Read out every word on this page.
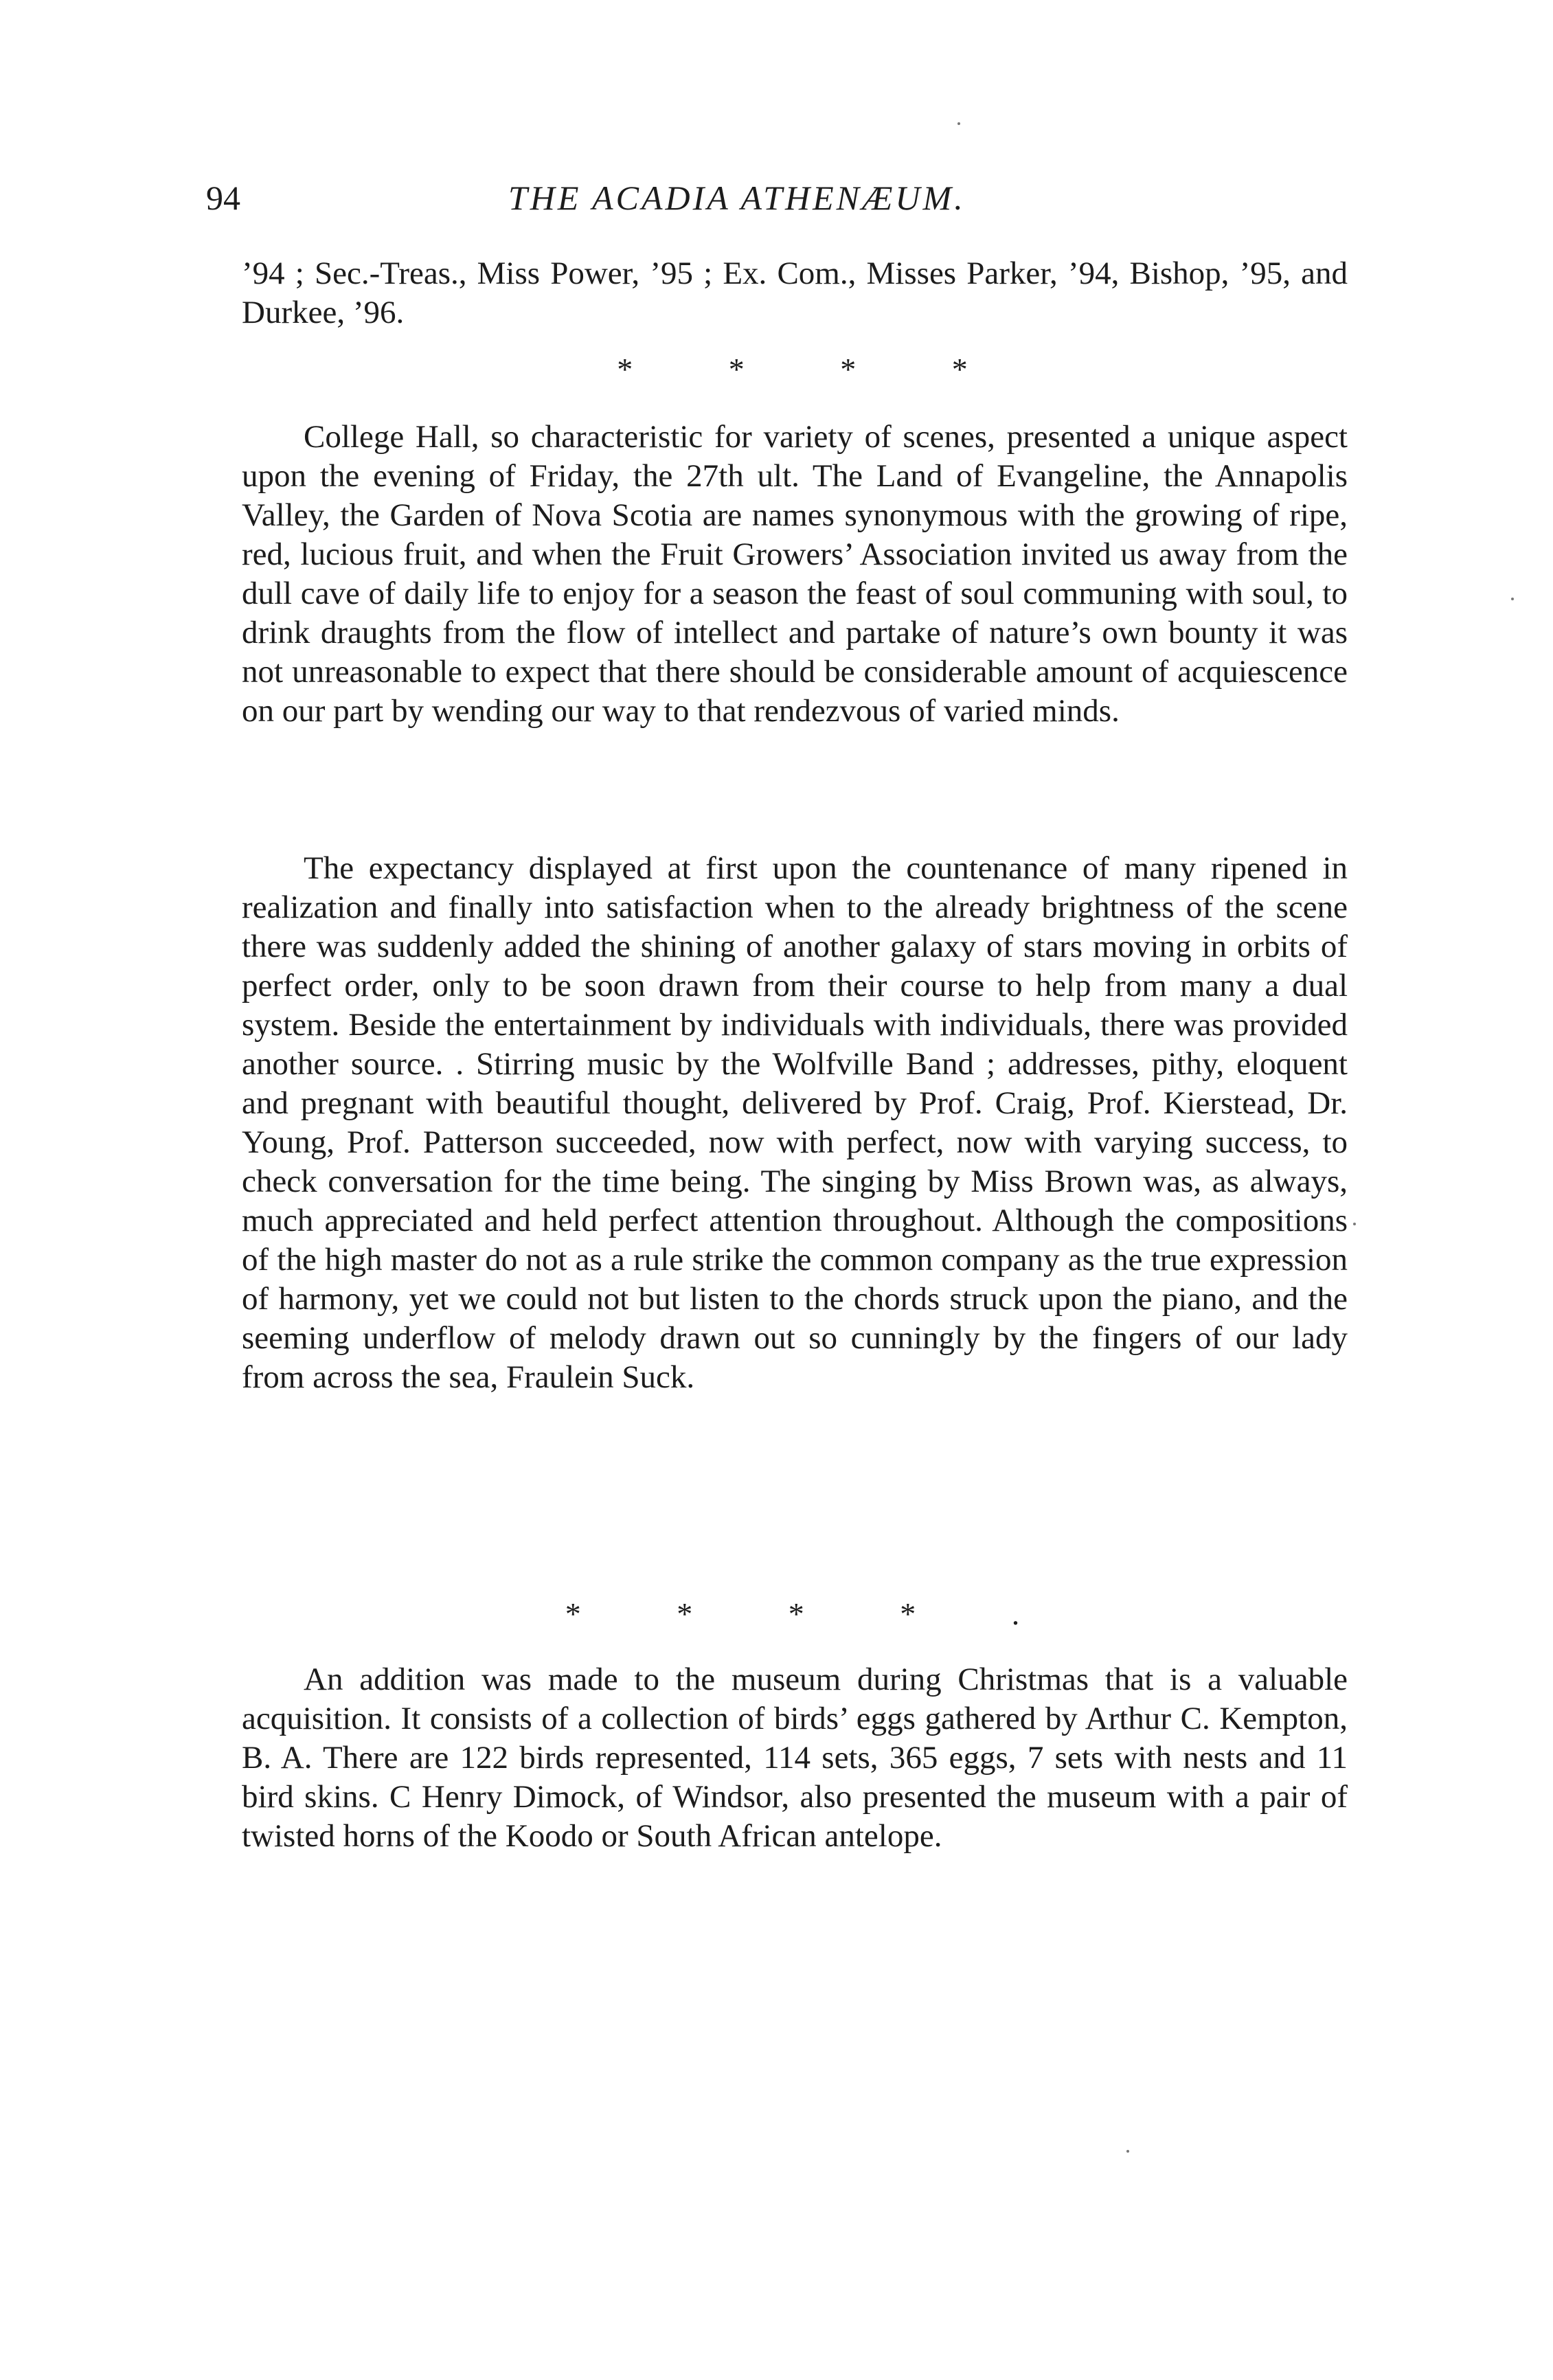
94	THE ACADIA ATHENÆUM.

’94 ; Sec.-Treas., Miss Power, ’95 ; Ex. Com., Misses Parker, ’94, Bishop, ’95, and Durkee, ’96.

* * * *

College Hall, so characteristic for variety of scenes, presented a unique aspect upon the evening of Friday, the 27th ult. The Land of Evangeline, the Annapolis Valley, the Garden of Nova Scotia are names synonymous with the growing of ripe, red, lucious fruit, and when the Fruit Growers’ Association invited us away from the dull cave of daily life to enjoy for a season the feast of soul communing with soul, to drink draughts from the flow of intellect and partake of nature’s own bounty it was not unreasonable to expect that there should be considerable amount of acquiescence on our part by wending our way to that rendezvous of varied minds.

The expectancy displayed at first upon the countenance of many ripened in realization and finally into satisfaction when to the already brightness of the scene there was suddenly added the shining of another galaxy of stars moving in orbits of perfect order, only to be soon drawn from their course to help from many a dual system. Beside the entertainment by individuals with individuals, there was provided another source. . Stirring music by the Wolfville Band ; addresses, pithy, eloquent and pregnant with beautiful thought, delivered by Prof. Craig, Prof. Kierstead, Dr. Young, Prof. Patterson succeeded, now with perfect, now with varying success, to check conversation for the time being. The singing by Miss Brown was, as always, much appreciated and held perfect attention throughout. Although the compositions of the high master do not as a rule strike the common company as the true expression of harmony, yet we could not but listen to the chords struck upon the piano, and the seeming underflow of melody drawn out so cunningly by the fingers of our lady from across the sea, Fraulein Suck.

* * * * .

An addition was made to the museum during Christmas that is a valuable acquisition. It consists of a collection of birds’ eggs gathered by Arthur C. Kempton, B. A. There are 122 birds represented, 114 sets, 365 eggs, 7 sets with nests and 11 bird skins. C Henry Dimock, of Windsor, also presented the museum with a pair of twisted horns of the Koodo or South African antelope.
